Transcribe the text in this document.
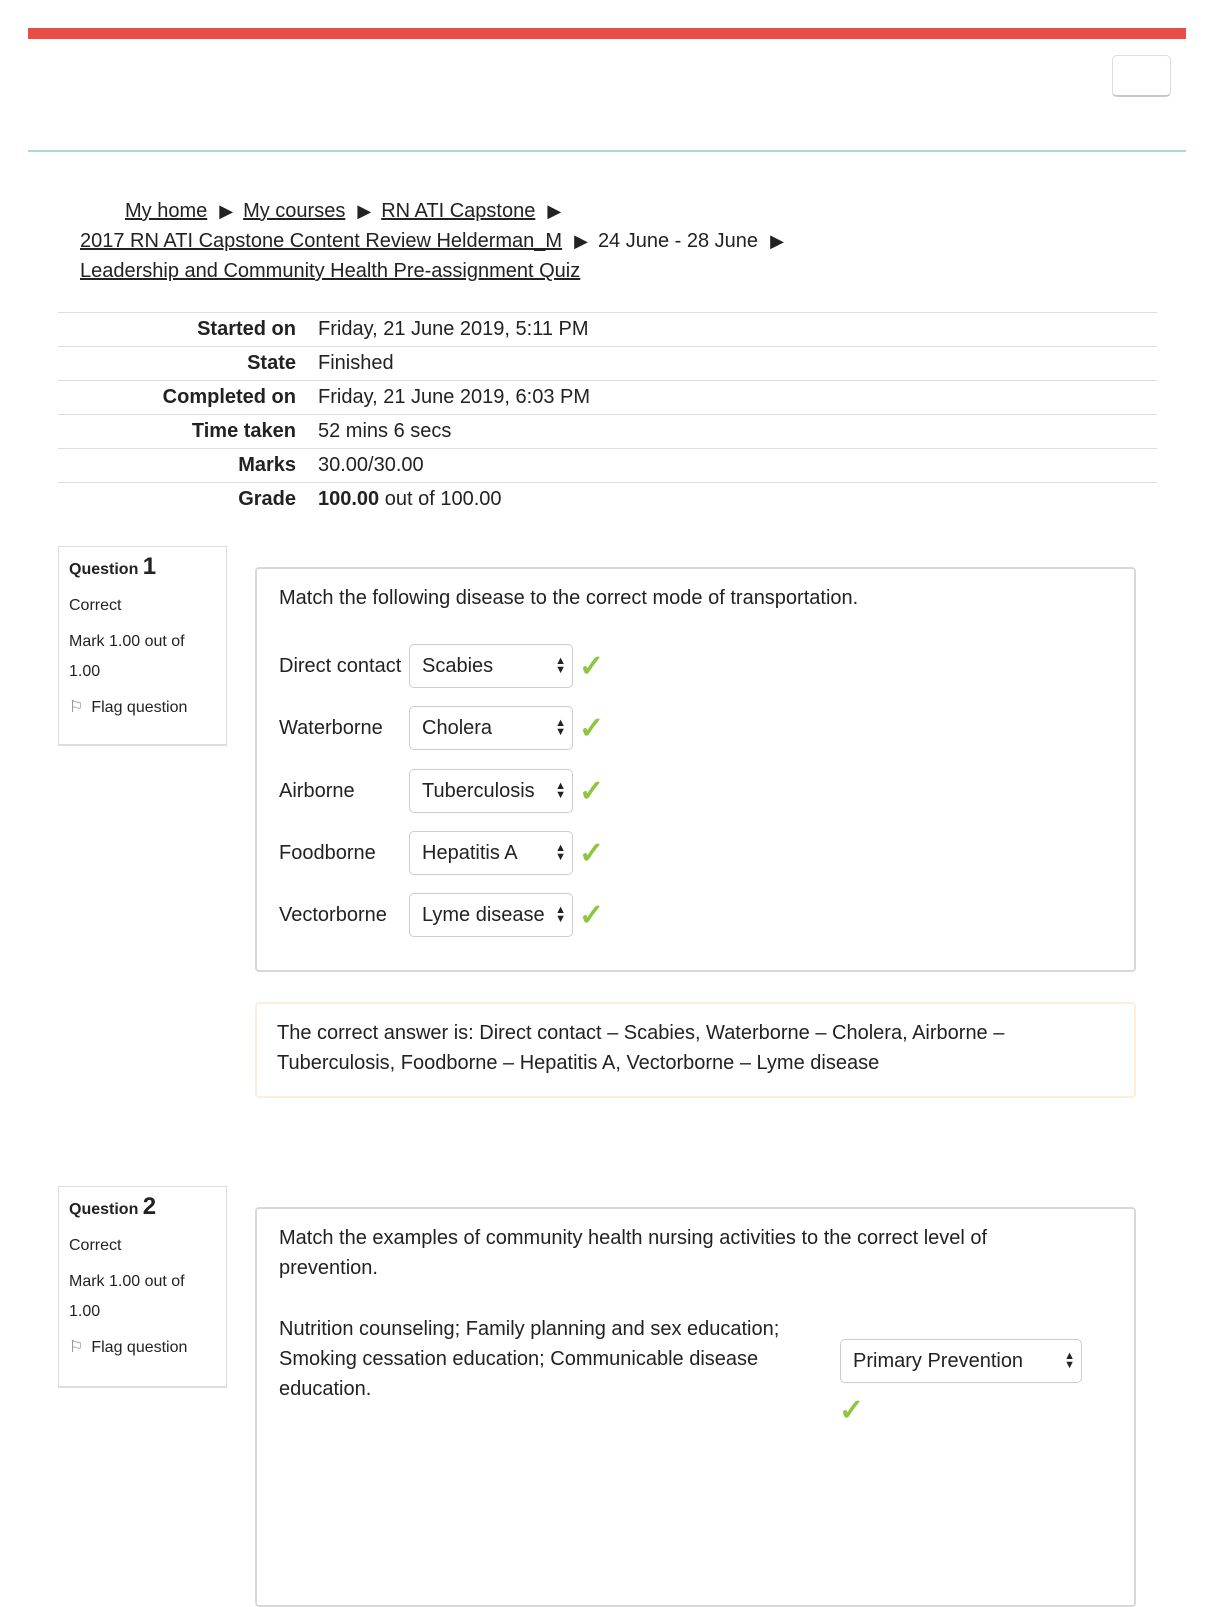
My home ▶ My courses ▶ RN ATI Capstone ▶
2017 RN ATI Capstone Content Review Helderman_M ▶ 24 June - 28 June ▶
Leadership and Community Health Pre-assignment Quiz
Started on	Friday, 21 June 2019, 5:11 PM
State	Finished
Completed on	Friday, 21 June 2019, 6:03 PM
Time taken	52 mins 6 secs
Marks	30.00/30.00
Grade	100.00 out of 100.00
Question 1

Correct

Mark 1.00 out of
1.00

⚐ Flag question
Match the following disease to the correct mode of transportation.
Direct contact	Scabies	▲
▼ ✓
Waterborne	Cholera	▲
▼ ✓
Airborne	Tuberculosis ▲
▼ ✓
Foodborne	Hepatitis A	▲
▼ ✓
Vectorborne	Lyme disease ▲
▼ ✓
The correct answer is: Direct contact – Scabies, Waterborne – Cholera, Airborne – Tuberculosis, Foodborne – Hepatitis A, Vectorborne – Lyme disease
Question 2

Correct

Mark 1.00 out of
1.00

⚐ Flag question
Match the examples of community health nursing activities to the correct level of prevention.
Nutrition counseling; Family planning and sex education; Smoking cessation education; Communicable disease education.
Primary Prevention	▲
▼
✓
